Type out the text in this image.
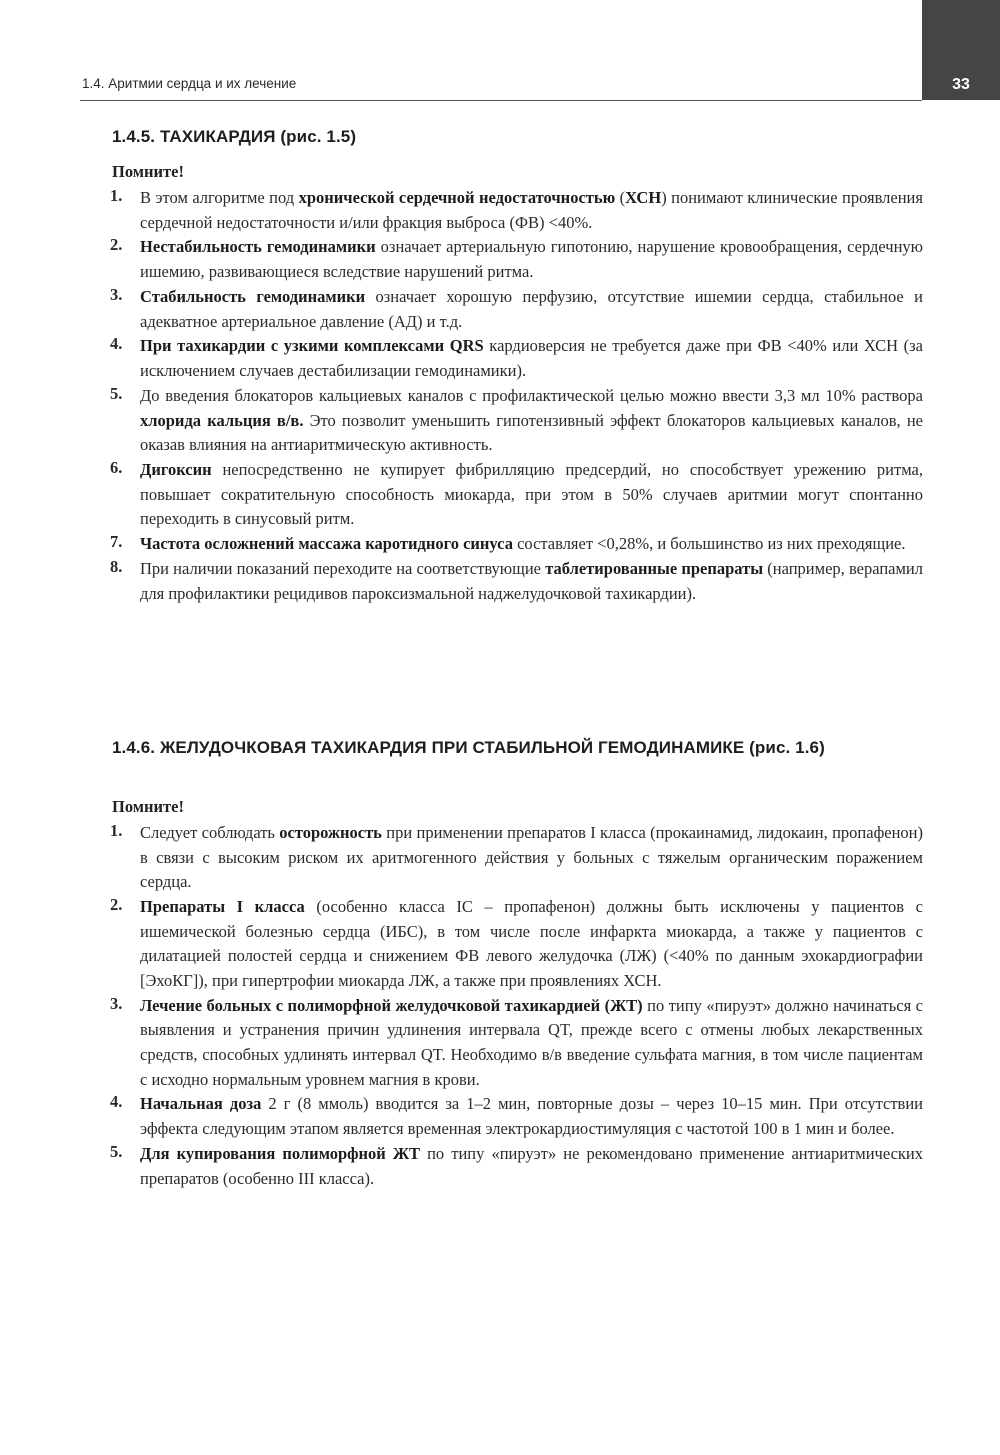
33
1.4. Аритмии сердца и их лечение
1.4.5. ТАХИКАРДИЯ (рис. 1.5)

Помните!

1. В этом алгоритме под хронической сердечной недостаточностью (ХСН) понимают клинические проявления сердечной недостаточности и/или фракция выброса (ФВ) <40%.
2. Нестабильность гемодинамики означает артериальную гипотонию, нарушение кровообращения, сердечную ишемию, развивающиеся вследствие нарушений ритма.
3. Стабильность гемодинамики означает хорошую перфузию, отсутствие ишемии сердца, стабильное и адекватное артериальное давление (АД) и т.д.
4. При тахикардии с узкими комплексами QRS кардиоверсия не требуется даже при ФВ <40% или ХСН (за исключением случаев дестабилизации гемодинамики).
5. До введения блокаторов кальциевых каналов с профилактической целью можно ввести 3,3 мл 10% раствора хлорида кальция в/в. Это позволит уменьшить гипотензивный эффект блокаторов кальциевых каналов, не оказав влияния на антиаритмическую активность.
6. Дигоксин непосредственно не купирует фибрилляцию предсердий, но способствует урежению ритма, повышает сократительную способность миокарда, при этом в 50% случаев аритмии могут спонтанно переходить в синусовый ритм.
7. Частота осложнений массажа каротидного синуса составляет <0,28%, и большинство из них преходящие.
8. При наличии показаний переходите на соответствующие таблетированные препараты (например, верапамил для профилактики рецидивов пароксизмальной наджелудочковой тахикардии).
1.4.6. ЖЕЛУДОЧКОВАЯ ТАХИКАРДИЯ ПРИ СТАБИЛЬНОЙ ГЕМОДИНАМИКЕ (рис. 1.6)

Помните!

1. Следует соблюдать осторожность при применении препаратов I класса (прокаинамид, лидокаин, пропафенон) в связи с высоким риском их аритмогенного действия у больных с тяжелым органическим поражением сердца.
2. Препараты I класса (особенно класса IC – пропафенон) должны быть исключены у пациентов с ишемической болезнью сердца (ИБС), в том числе после инфаркта миокарда, а также у пациентов с дилатацией полостей сердца и снижением ФВ левого желудочка (ЛЖ) (<40% по данным эхокардиографии [ЭхоКГ]), при гипертрофии миокарда ЛЖ, а также при проявлениях ХСН.
3. Лечение больных с полиморфной желудочковой тахикардией (ЖТ) по типу «пируэт» должно начинаться с выявления и устранения причин удлинения интервала QT, прежде всего с отмены любых лекарственных средств, способных удлинять интервал QT. Необходимо в/в введение сульфата магния, в том числе пациентам с исходно нормальным уровнем магния в крови.
4. Начальная доза 2 г (8 ммоль) вводится за 1–2 мин, повторные дозы – через 10–15 мин. При отсутствии эффекта следующим этапом является временная электрокардиостимуляция с частотой 100 в 1 мин и более.
5. Для купирования полиморфной ЖТ по типу «пируэт» не рекомендовано применение антиаритмических препаратов (особенно III класса).
